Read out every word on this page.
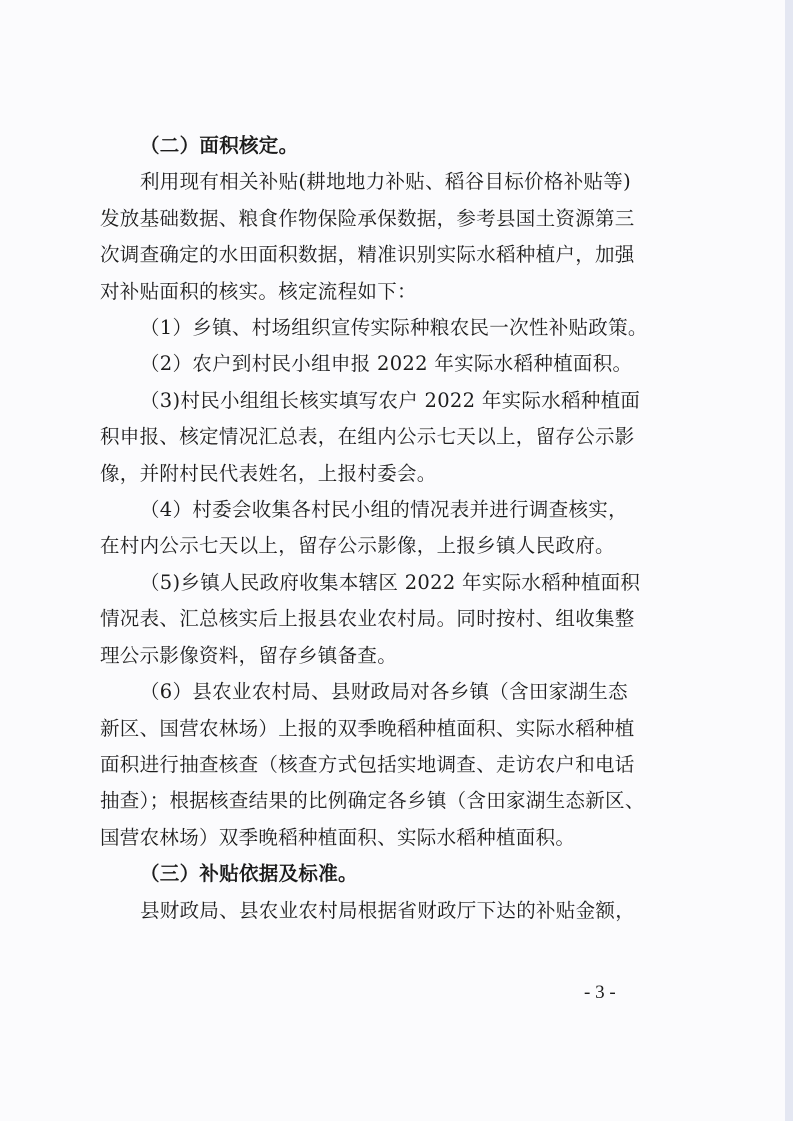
（二）面积核定。
利用现有相关补贴(耕地地力补贴、稻谷目标价格补贴等)
发放基础数据、粮食作物保险承保数据，参考县国土资源第三
次调查确定的水田面积数据，精准识别实际水稻种植户，加强
对补贴面积的核实。核定流程如下：
（1）乡镇、村场组织宣传实际种粮农民一次性补贴政策。
（2）农户到村民小组申报 2022 年实际水稻种植面积。
（3)村民小组组长核实填写农户 2022 年实际水稻种植面
积申报、核定情况汇总表，在组内公示七天以上，留存公示影
像，并附村民代表姓名，上报村委会。
（4）村委会收集各村民小组的情况表并进行调查核实，
在村内公示七天以上，留存公示影像，上报乡镇人民政府。
（5)乡镇人民政府收集本辖区 2022 年实际水稻种植面积
情况表、汇总核实后上报县农业农村局。同时按村、组收集整
理公示影像资料，留存乡镇备查。
（6）县农业农村局、县财政局对各乡镇（含田家湖生态
新区、国营农林场）上报的双季晚稻种植面积、实际水稻种植
面积进行抽查核查（核查方式包括实地调查、走访农户和电话
抽查）；根据核查结果的比例确定各乡镇（含田家湖生态新区、
国营农林场）双季晚稻种植面积、实际水稻种植面积。
（三）补贴依据及标准。
县财政局、县农业农村局根据省财政厅下达的补贴金额，
- 3 -
